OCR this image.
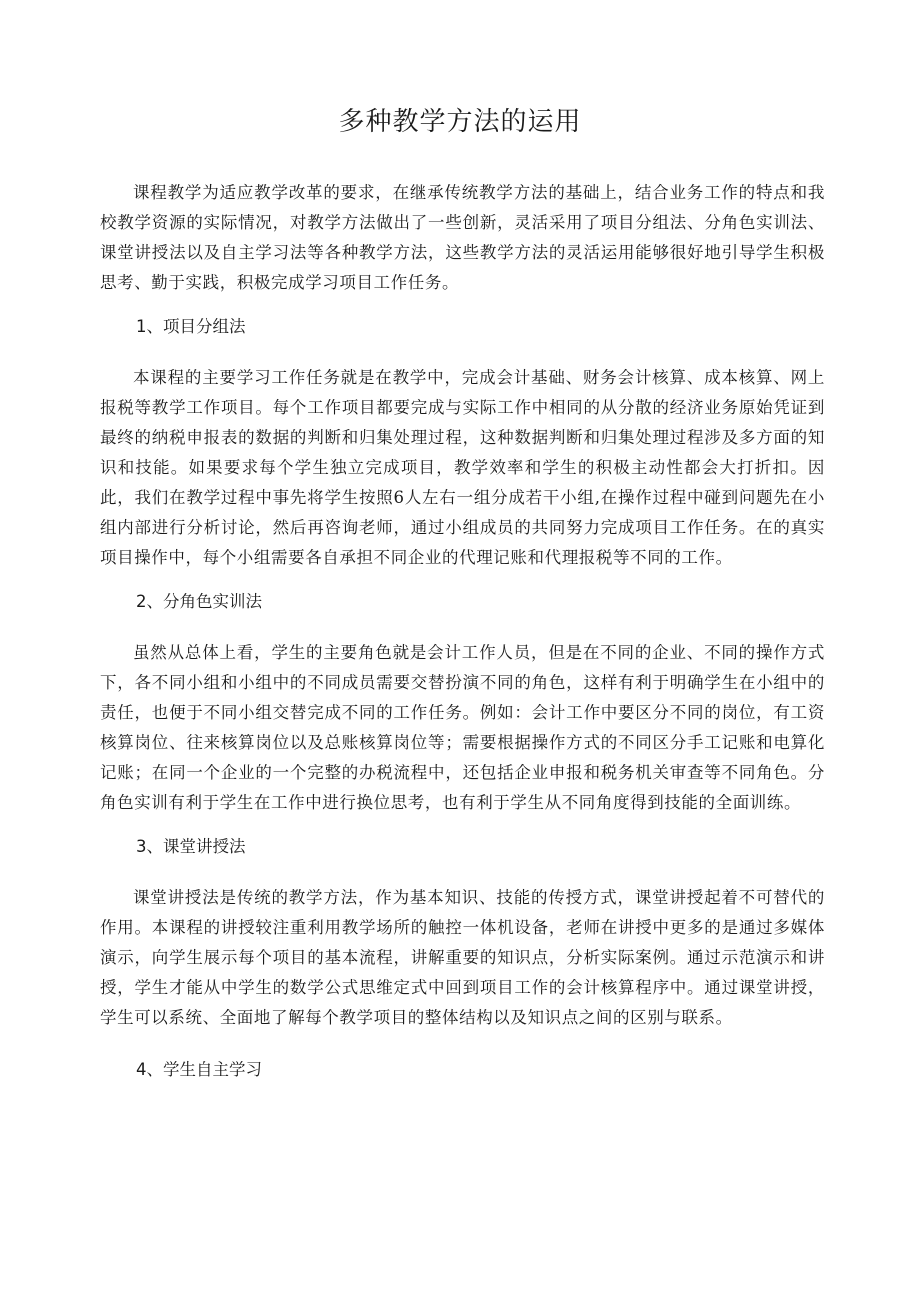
多种教学方法的运用

课程教学为适应教学改革的要求，在继承传统教学方法的基础上，结合业务工作的特点和我校教学资源的实际情况，对教学方法做出了一些创新，灵活采用了项目分组法、分角色实训法、课堂讲授法以及自主学习法等各种教学方法，这些教学方法的灵活运用能够很好地引导学生积极思考、勤于实践，积极完成学习项目工作任务。

1、项目分组法

本课程的主要学习工作任务就是在教学中，完成会计基础、财务会计核算、成本核算、网上报税等教学工作项目。每个工作项目都要完成与实际工作中相同的从分散的经济业务原始凭证到最终的纳税申报表的数据的判断和归集处理过程，这种数据判断和归集处理过程涉及多方面的知识和技能。如果要求每个学生独立完成项目，教学效率和学生的积极主动性都会大打折扣。因此，我们在教学过程中事先将学生按照6人左右一组分成若干小组,在操作过程中碰到问题先在小组内部进行分析讨论，然后再咨询老师，通过小组成员的共同努力完成项目工作任务。在的真实项目操作中，每个小组需要各自承担不同企业的代理记账和代理报税等不同的工作。

2、分角色实训法

虽然从总体上看，学生的主要角色就是会计工作人员，但是在不同的企业、不同的操作方式下，各不同小组和小组中的不同成员需要交替扮演不同的角色，这样有利于明确学生在小组中的责任，也便于不同小组交替完成不同的工作任务。例如：会计工作中要区分不同的岗位，有工资核算岗位、往来核算岗位以及总账核算岗位等；需要根据操作方式的不同区分手工记账和电算化记账；在同一个企业的一个完整的办税流程中，还包括企业申报和税务机关审查等不同角色。分角色实训有利于学生在工作中进行换位思考，也有利于学生从不同角度得到技能的全面训练。

3、课堂讲授法

课堂讲授法是传统的教学方法，作为基本知识、技能的传授方式，课堂讲授起着不可替代的作用。本课程的讲授较注重利用教学场所的触控一体机设备，老师在讲授中更多的是通过多媒体演示，向学生展示每个项目的基本流程，讲解重要的知识点，分析实际案例。通过示范演示和讲授，学生才能从中学生的数学公式思维定式中回到项目工作的会计核算程序中。通过课堂讲授，学生可以系统、全面地了解每个教学项目的整体结构以及知识点之间的区别与联系。

4、学生自主学习
